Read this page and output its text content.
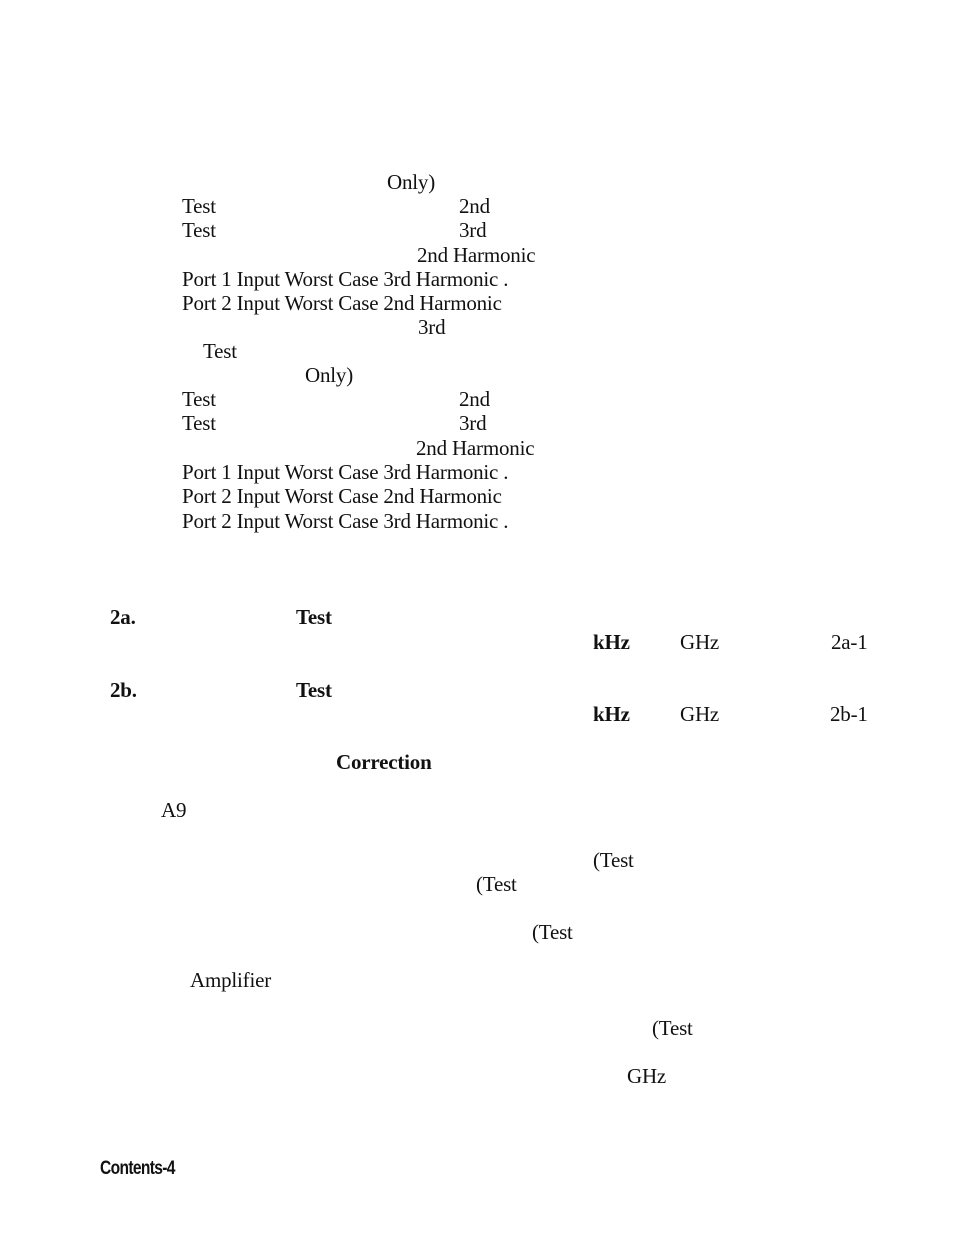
Only)
Test	2nd
Test	3rd
2nd Harmonic
Port 1 Input Worst Case 3rd Harmonic .
Port 2 Input Worst Case 2nd Harmonic
3rd
Test
Only)
Test	2nd
Test	3rd
2nd Harmonic
Port 1 Input Worst Case 3rd Harmonic .
Port 2 Input Worst Case 2nd Harmonic
Port 2 Input Worst Case 3rd Harmonic .
2a.	Test
kHz GHz	2a-1
2b.	Test
kHz GHz	2b-1
Correction
A9
(Test
(Test
(Test
Amplifier
(Test
GHz
Contents-4
